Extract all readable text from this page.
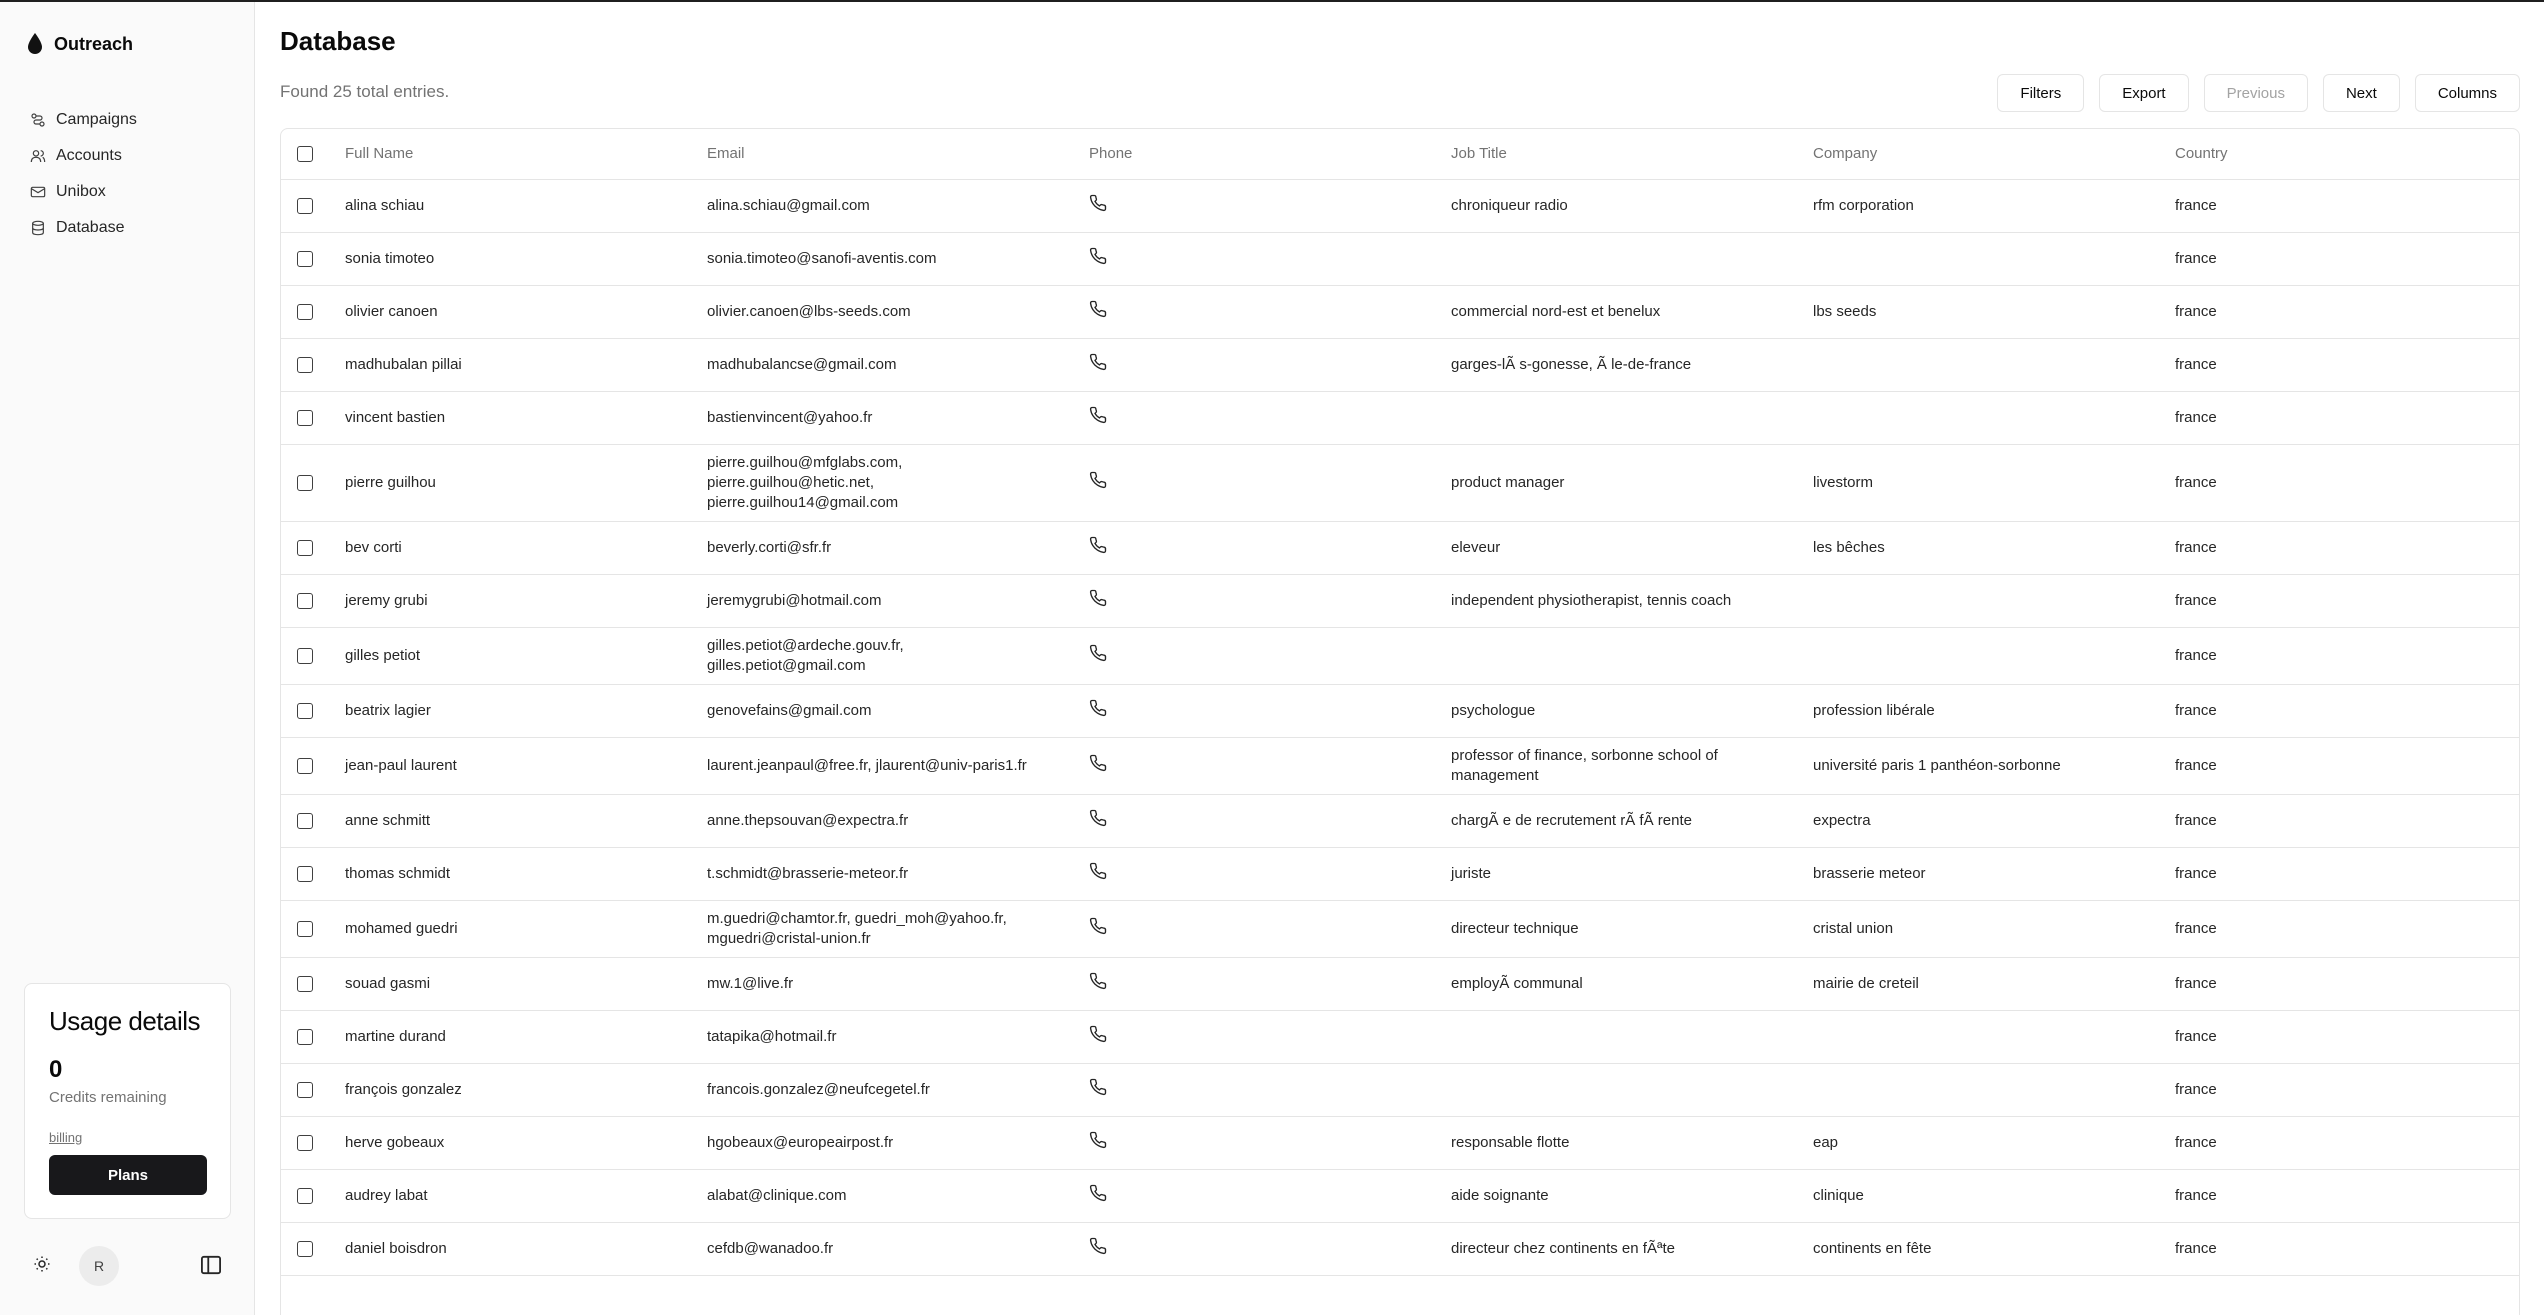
Outreach
Campaigns
Accounts
Unibox
Database
Usage details
0
Credits remaining
billing
Plans
R
Database
Found 25 total entries.	Filters	Export	Previous	Next	Columns
	Full Name	Email	Phone	Job Title	Company	Country
	alina schiau	alina.schiau@gmail.com		chroniqueur radio	rfm corporation	france
	sonia timoteo	sonia.timoteo@sanofi-aventis.com				france
	olivier canoen	olivier.canoen@lbs-seeds.com		commercial nord-est et benelux	lbs seeds	france
	madhubalan pillai	madhubalancse@gmail.com		garges-lÃ s-gonesse, Ã le-de-france		france
	vincent bastien	bastienvincent@yahoo.fr				france
	pierre guilhou	pierre.guilhou@mfglabs.com,
pierre.guilhou@hetic.net,
pierre.guilhou14@gmail.com		product manager	livestorm	france
	bev corti	beverly.corti@sfr.fr		eleveur	les bêches	france
	jeremy grubi	jeremygrubi@hotmail.com		independent physiotherapist, tennis coach		france
	gilles petiot	gilles.petiot@ardeche.gouv.fr,
gilles.petiot@gmail.com				france
	beatrix lagier	genovefains@gmail.com		psychologue	profession libérale	france
	jean-paul laurent	laurent.jeanpaul@free.fr, jlaurent@univ-paris1.fr		professor of finance, sorbonne school of management	université paris 1 panthéon-sorbonne	france
	anne schmitt	anne.thepsouvan@expectra.fr		chargÃ e de recrutement rÃ fÃ rente	expectra	france
	thomas schmidt	t.schmidt@brasserie-meteor.fr		juriste	brasserie meteor	france
	mohamed guedri	m.guedri@chamtor.fr, guedri_moh@yahoo.fr,
mguedri@cristal-union.fr		directeur technique	cristal union	france
	souad gasmi	mw.1@live.fr		employÃ communal	mairie de creteil	france
	martine durand	tatapika@hotmail.fr				france
	françois gonzalez	francois.gonzalez@neufcegetel.fr				france
	herve gobeaux	hgobeaux@europeairpost.fr		responsable flotte	eap	france
	audrey labat	alabat@clinique.com		aide soignante	clinique	france
	daniel boisdron	cefdb@wanadoo.fr		directeur chez continents en fÃªte	continents en fête	france
